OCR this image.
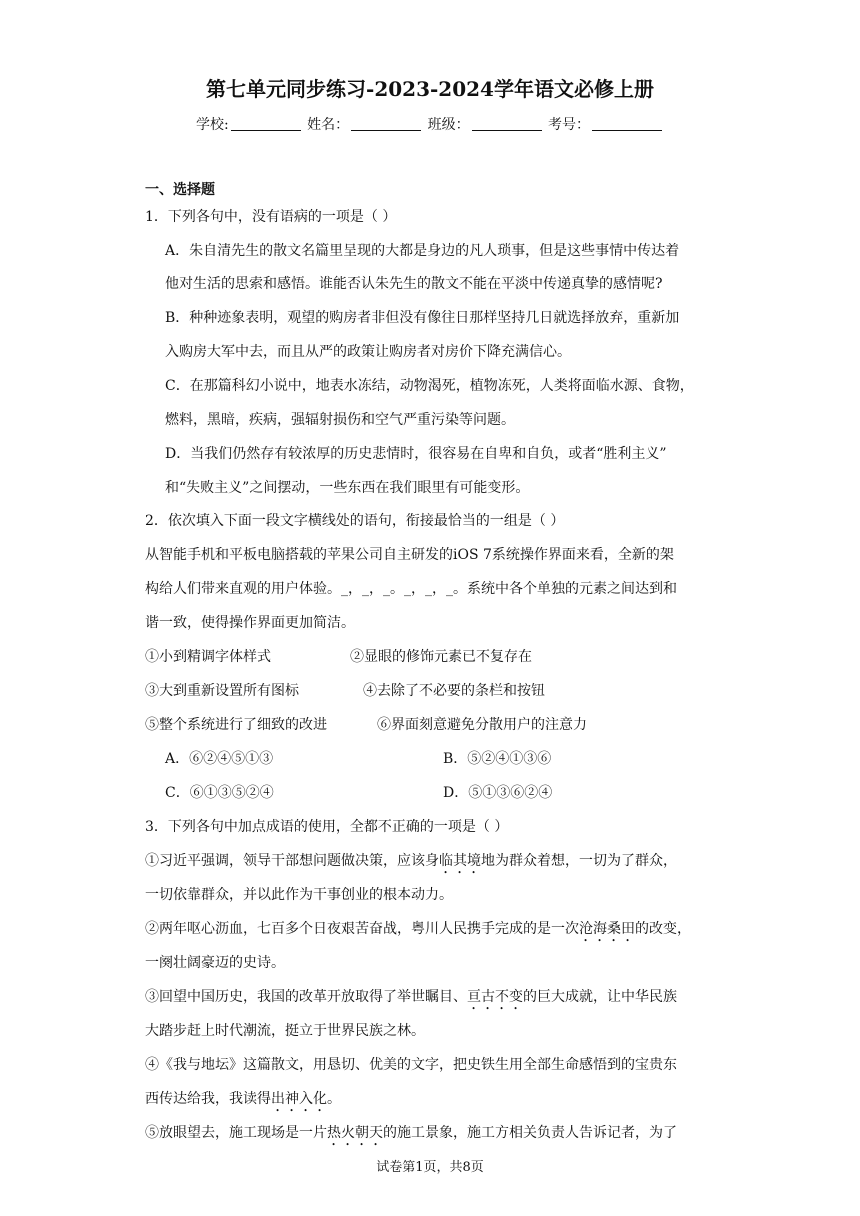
第七单元同步练习-2023-2024学年语文必修上册
学校:	姓名：	班级：	考号：
一、选择题
1．下列各句中，没有语病的一项是（ ）
A．朱自清先生的散文名篇里呈现的大都是身边的凡人琐事，但是这些事情中传达着
他对生活的思索和感悟。谁能否认朱先生的散文不能在平淡中传递真挚的感情呢?
B．种种迹象表明，观望的购房者非但没有像往日那样坚持几日就选择放弃，重新加
入购房大军中去，而且从严的政策让购房者对房价下降充满信心。
C．在那篇科幻小说中，地表水冻结，动物渴死，植物冻死，人类将面临水源、食物，
燃料，黑暗，疾病，强辐射损伤和空气严重污染等问题。
D．当我们仍然存有较浓厚的历史悲情时，很容易在自卑和自负，或者“胜利主义”
和“失败主义”之间摆动，一些东西在我们眼里有可能变形。
2．依次填入下面一段文字横线处的语句，衔接最恰当的一组是（ ）
从智能手机和平板电脑搭载的苹果公司自主研发的iOS 7系统操作界面来看，全新的架
构给人们带来直观的用户体验。_，_，_。_，_，_。系统中各个单独的元素之间达到和
谐一致，使得操作界面更加简洁。
①小到精调字体样式	②显眼的修饰元素已不复存在
③大到重新设置所有图标	④去除了不必要的条栏和按钮
⑤整个系统进行了细致的改进	⑥界面刻意避免分散用户的注意力
A．⑥②④⑤①③	B．⑤②④①③⑥
C．⑥①③⑤②④	D．⑤①③⑥②④
3．下列各句中加点成语的使用，全都不正确的一项是（ ）
①习近平强调，领导干部想问题做决策，应该身临其境地为群众着想，一切为了群众，
一切依靠群众，并以此作为干事创业的根本动力。
②两年呕心沥血，七百多个日夜艰苦奋战，粤川人民携手完成的是一次沧海桑田的改变，
一阕壮阔豪迈的史诗。
③回望中国历史，我国的改革开放取得了举世瞩目、亘古不变的巨大成就，让中华民族
大踏步赶上时代潮流，挺立于世界民族之林。
④《我与地坛》这篇散文，用恳切、优美的文字，把史铁生用全部生命感悟到的宝贵东
西传达给我，我读得出神入化。
⑤放眼望去，施工现场是一片热火朝天的施工景象，施工方相关负责人告诉记者，为了
试卷第1页，共8页
